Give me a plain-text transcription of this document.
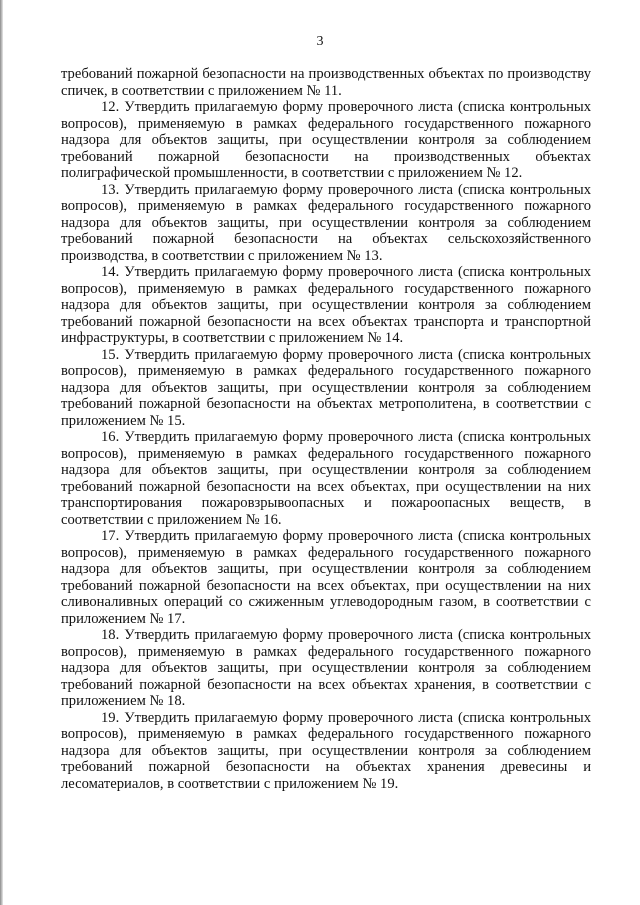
3

требований пожарной безопасности на производственных объектах по производству спичек, в соответствии с приложением № 11.

12. Утвердить прилагаемую форму проверочного листа (списка контрольных вопросов), применяемую в рамках федерального государственного пожарного надзора для объектов защиты, при осуществлении контроля за соблюдением требований пожарной безопасности на производственных объектах полиграфической промышленности, в соответствии с приложением № 12.

13. Утвердить прилагаемую форму проверочного листа (списка контрольных вопросов), применяемую в рамках федерального государственного пожарного надзора для объектов защиты, при осуществлении контроля за соблюдением требований пожарной безопасности на объектах сельскохозяйственного производства, в соответствии с приложением № 13.

14. Утвердить прилагаемую форму проверочного листа (списка контрольных вопросов), применяемую в рамках федерального государственного пожарного надзора для объектов защиты, при осуществлении контроля за соблюдением требований пожарной безопасности на всех объектах транспорта и транспортной инфраструктуры, в соответствии с приложением № 14.

15. Утвердить прилагаемую форму проверочного листа (списка контрольных вопросов), применяемую в рамках федерального государственного пожарного надзора для объектов защиты, при осуществлении контроля за соблюдением требований пожарной безопасности на объектах метрополитена, в соответствии с приложением № 15.

16. Утвердить прилагаемую форму проверочного листа (списка контрольных вопросов), применяемую в рамках федерального государственного пожарного надзора для объектов защиты, при осуществлении контроля за соблюдением требований пожарной безопасности на всех объектах, при осуществлении на них транспортирования пожаровзрывоопасных и пожароопасных веществ, в соответствии с приложением № 16.

17. Утвердить прилагаемую форму проверочного листа (списка контрольных вопросов), применяемую в рамках федерального государственного пожарного надзора для объектов защиты, при осуществлении контроля за соблюдением требований пожарной безопасности на всех объектах, при осуществлении на них сливоналивных операций со сжиженным углеводородным газом, в соответствии с приложением № 17.

18. Утвердить прилагаемую форму проверочного листа (списка контрольных вопросов), применяемую в рамках федерального государственного пожарного надзора для объектов защиты, при осуществлении контроля за соблюдением требований пожарной безопасности на всех объектах хранения, в соответствии с приложением № 18.

19. Утвердить прилагаемую форму проверочного листа (списка контрольных вопросов), применяемую в рамках федерального государственного пожарного надзора для объектов защиты, при осуществлении контроля за соблюдением требований пожарной безопасности на объектах хранения древесины и лесоматериалов, в соответствии с приложением № 19.
